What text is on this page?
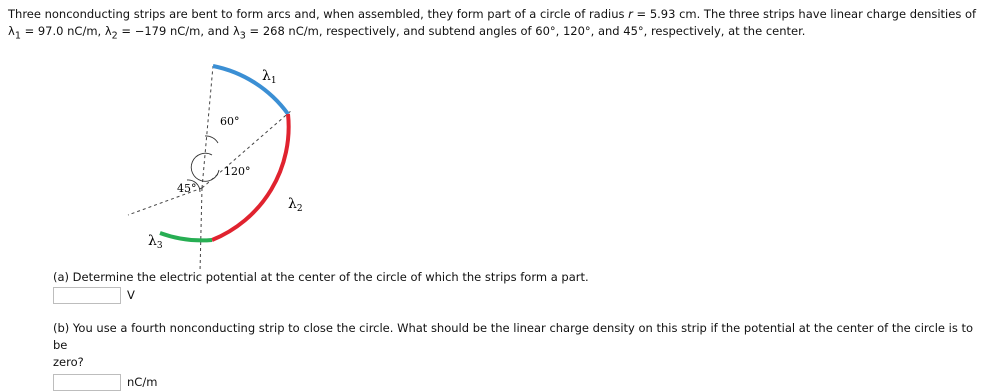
Three nonconducting strips are bent to form arcs and, when assembled, they form part of a circle of radius r = 5.93 cm. The three strips have linear charge densities of

$\lambda_1 = 97.0$ nC/m, $\lambda_2 = -179$ nC/m, and $\lambda_3 = 268$ nC/m, respectively, and subtend angles of 60°, 120°, and 45°, respectively, at the center.

$\lambda_1$
$\lambda_2$
$\lambda_3$
60°
120°
45°
(a) Determine the electric potential at the center of the circle of which the strips form a part.
V
(b) You use a fourth nonconducting strip to close the circle. What should be the linear charge density on this strip if the potential at the center of the circle is to be
zero?
nC/m
